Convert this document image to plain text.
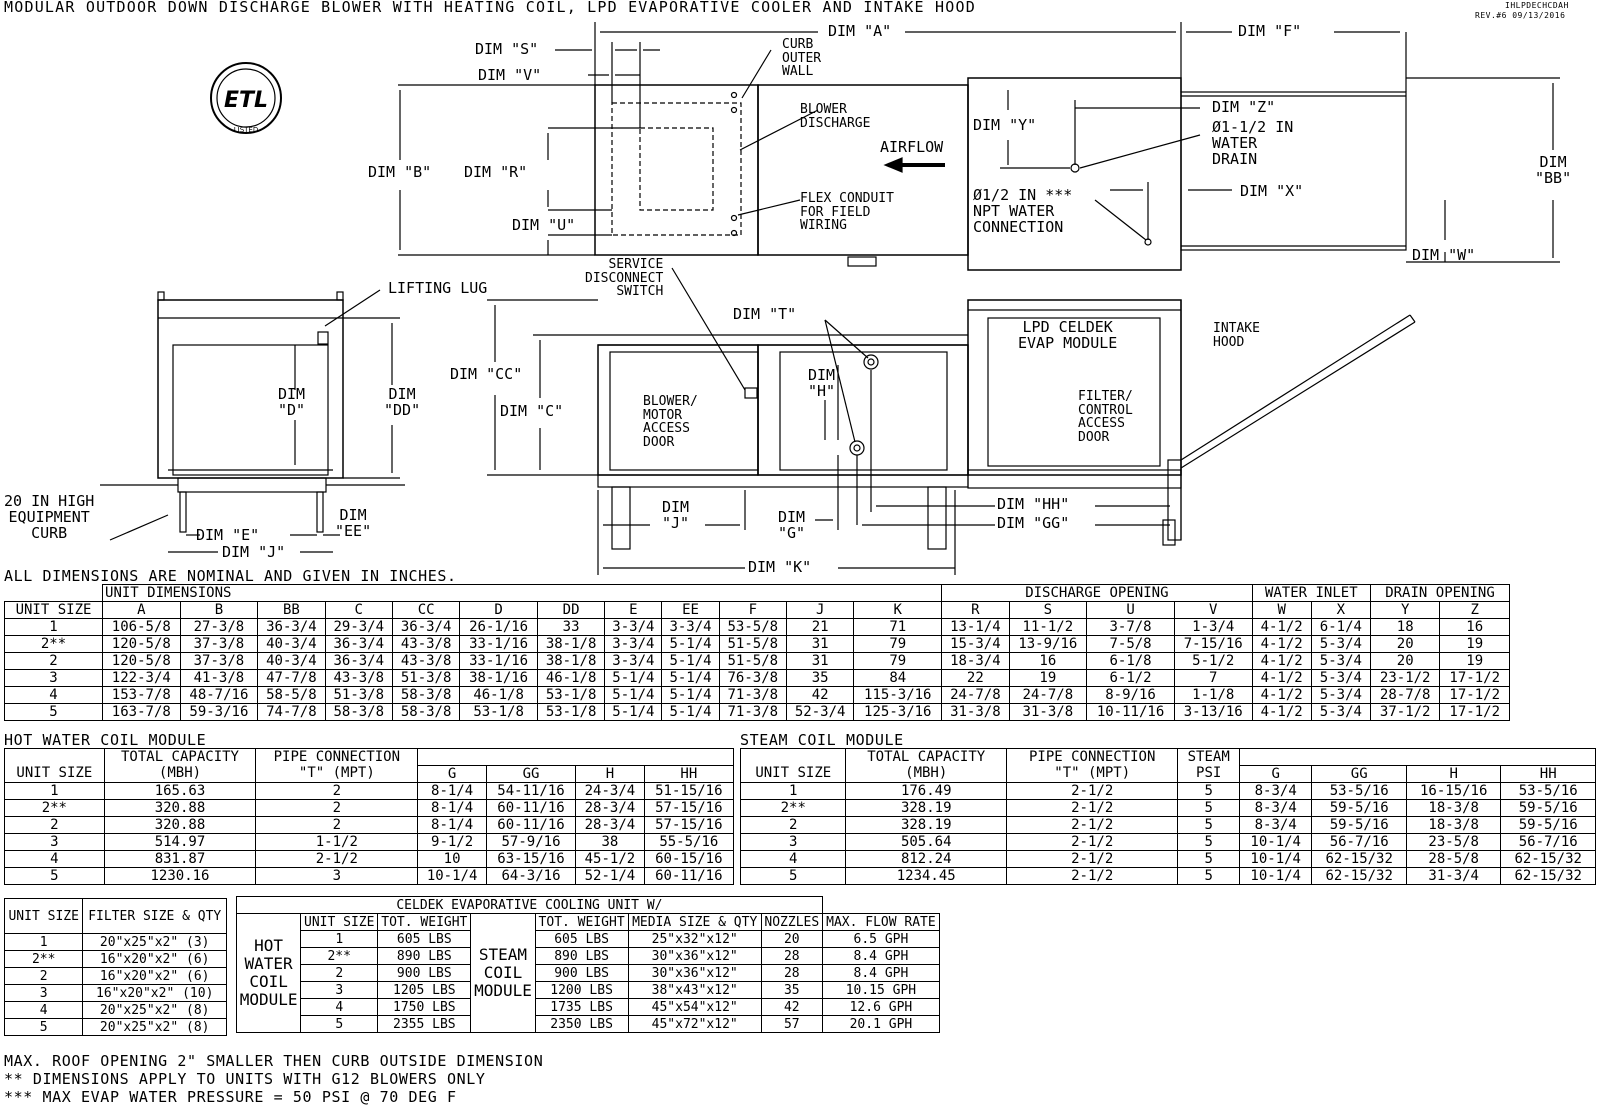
MODULAR OUTDOOR DOWN DISCHARGE BLOWER WITH HEATING COIL, LPD EVAPORATIVE COOLER AND INTAKE HOOD	IHLPDECHCDAH
REV.#6 09/13/2016
ETL
LISTED
DIM "A"	DIM "F"
DIM "S"
DIM "V"
CURB
OUTER
WALL
DIM "B" DIM "R"
BLOWER
DISCHARGE
AIRFLOW
DIM "Y"
DIM "Z"
Ø1-1/2 IN
WATER
DRAIN	DIM
"BB"
DIM "U"
FLEX CONDUIT
FOR FIELD
WIRING
Ø1/2 IN ***
NPT WATER
CONNECTION
DIM "X"
DIM "W"
SERVICE
DISCONNECT
SWITCH
LIFTING LUG
DIM "T"
LPD CELDEK
EVAP MODULE
INTAKE
HOOD
DIM "CC"
DIM
"D"
DIM
"DD"	DIM "C"
BLOWER/
MOTOR
ACCESS
DOOR
DIM
"H"	FILTER/
CONTROL
ACCESS
DOOR
20 IN HIGH
EQUIPMENT
CURB	DIM "E"
DIM
"EE"
DIM "J"
DIM
"J"	DIM
"G"
DIM "HH"
DIM "GG"
DIM "K"
ALL DIMENSIONS ARE NOMINAL AND GIVEN IN INCHES.
	UNIT DIMENSIONS												DISCHARGE OPENING				WATER INLET		DRAIN OPENING	
UNIT SIZE	A	B	BB	C	CC	D	DD	E	EE	F	J	K	R	S	U	V	W	X	Y	Z
1	106-5/8	27-3/8	36-3/4	29-3/4	36-3/4	26-1/16	33	3-3/4	3-3/4	53-5/8	21	71	13-1/4	11-1/2	3-7/8	1-3/4	4-1/2	6-1/4	18	16
2**	120-5/8	37-3/8	40-3/4	36-3/4	43-3/8	33-1/16	38-1/8	3-3/4	5-1/4	51-5/8	31	79	15-3/4	13-9/16	7-5/8	7-15/16	4-1/2	5-3/4	20	19
2	120-5/8	37-3/8	40-3/4	36-3/4	43-3/8	33-1/16	38-1/8	3-3/4	5-1/4	51-5/8	31	79	18-3/4	16	6-1/8	5-1/2	4-1/2	5-3/4	20	19
3	122-3/4	41-3/8	47-7/8	43-3/8	51-3/8	38-1/16	46-1/8	5-1/4	5-1/4	76-3/8	35	84	22	19	6-1/2	7	4-1/2	5-3/4	23-1/2	17-1/2
4	153-7/8	48-7/16	58-5/8	51-3/8	58-3/8	46-1/8	53-1/8	5-1/4	5-1/4	71-3/8	42	115-3/16	24-7/8	24-7/8	8-9/16	1-1/8	4-1/2	5-3/4	28-7/8	17-1/2
5	163-7/8	59-3/16	74-7/8	58-3/8	58-3/8	53-1/8	53-1/8	5-1/4	5-1/4	71-3/8	52-3/4	125-3/16	31-3/8	31-3/8	10-11/16	3-13/16	4-1/2	5-3/4	37-1/2	17-1/2
HOT WATER COIL MODULE
	TOTAL CAPACITY	PIPE CONNECTION				
UNIT SIZE	(MBH)	"T" (MPT)	G	GG	H	HH
1	165.63	2	8-1/4	54-11/16	24-3/4	51-15/16
2**	320.88	2	8-1/4	60-11/16	28-3/4	57-15/16
2	320.88	2	8-1/4	60-11/16	28-3/4	57-15/16
3	514.97	1-1/2	9-1/2	57-9/16	38	55-5/16
4	831.87	2-1/2	10	63-15/16	45-1/2	60-15/16
5	1230.16	3	10-1/4	64-3/16	52-1/4	60-11/16
STEAM COIL MODULE
	TOTAL CAPACITY	PIPE CONNECTION	STEAM				
UNIT SIZE	(MBH)	"T" (MPT)	PSI	G	GG	H	HH
1	176.49	2-1/2	5	8-3/4	53-5/16	16-15/16	53-5/16
2**	328.19	2-1/2	5	8-3/4	59-5/16	18-3/8	59-5/16
2	328.19	2-1/2	5	8-3/4	59-5/16	18-3/8	59-5/16
3	505.64	2-1/2	5	10-1/4	56-7/16	23-5/8	56-7/16
4	812.24	2-1/2	5	10-1/4	62-15/32	28-5/8	62-15/32
5	1234.45	2-1/2	5	10-1/4	62-15/32	31-3/4	62-15/32
UNIT SIZE	FILTER SIZE & QTY
1	20"x25"x2" (3)
2**	16"x20"x2" (6)
2	16"x20"x2" (6)
3	16"x20"x2" (10)
4	20"x25"x2" (8)
5	20"x25"x2" (8)
CELDEK EVAPORATIVE COOLING UNIT W/							
HOT
WATER
COIL
MODULE	UNIT SIZE	TOT. WEIGHT	STEAM
COIL
MODULE	TOT. WEIGHT	MEDIA SIZE & QTY	NOZZLES	MAX. FLOW RATE
	1	605 LBS		605 LBS	25"x32"x12"	20	6.5 GPH
	2**	890 LBS		890 LBS	30"x36"x12"	28	8.4 GPH
	2	900 LBS		900 LBS	30"x36"x12"	28	8.4 GPH
	3	1205 LBS		1200 LBS	38"x43"x12"	35	10.15 GPH
	4	1750 LBS		1735 LBS	45"x54"x12"	42	12.6 GPH
	5	2355 LBS		2350 LBS	45"x72"x12"	57	20.1 GPH
MAX. ROOF OPENING 2" SMALLER THEN CURB OUTSIDE DIMENSION
** DIMENSIONS APPLY TO UNITS WITH G12 BLOWERS ONLY
*** MAX EVAP WATER PRESSURE = 50 PSI @ 70 DEG F
